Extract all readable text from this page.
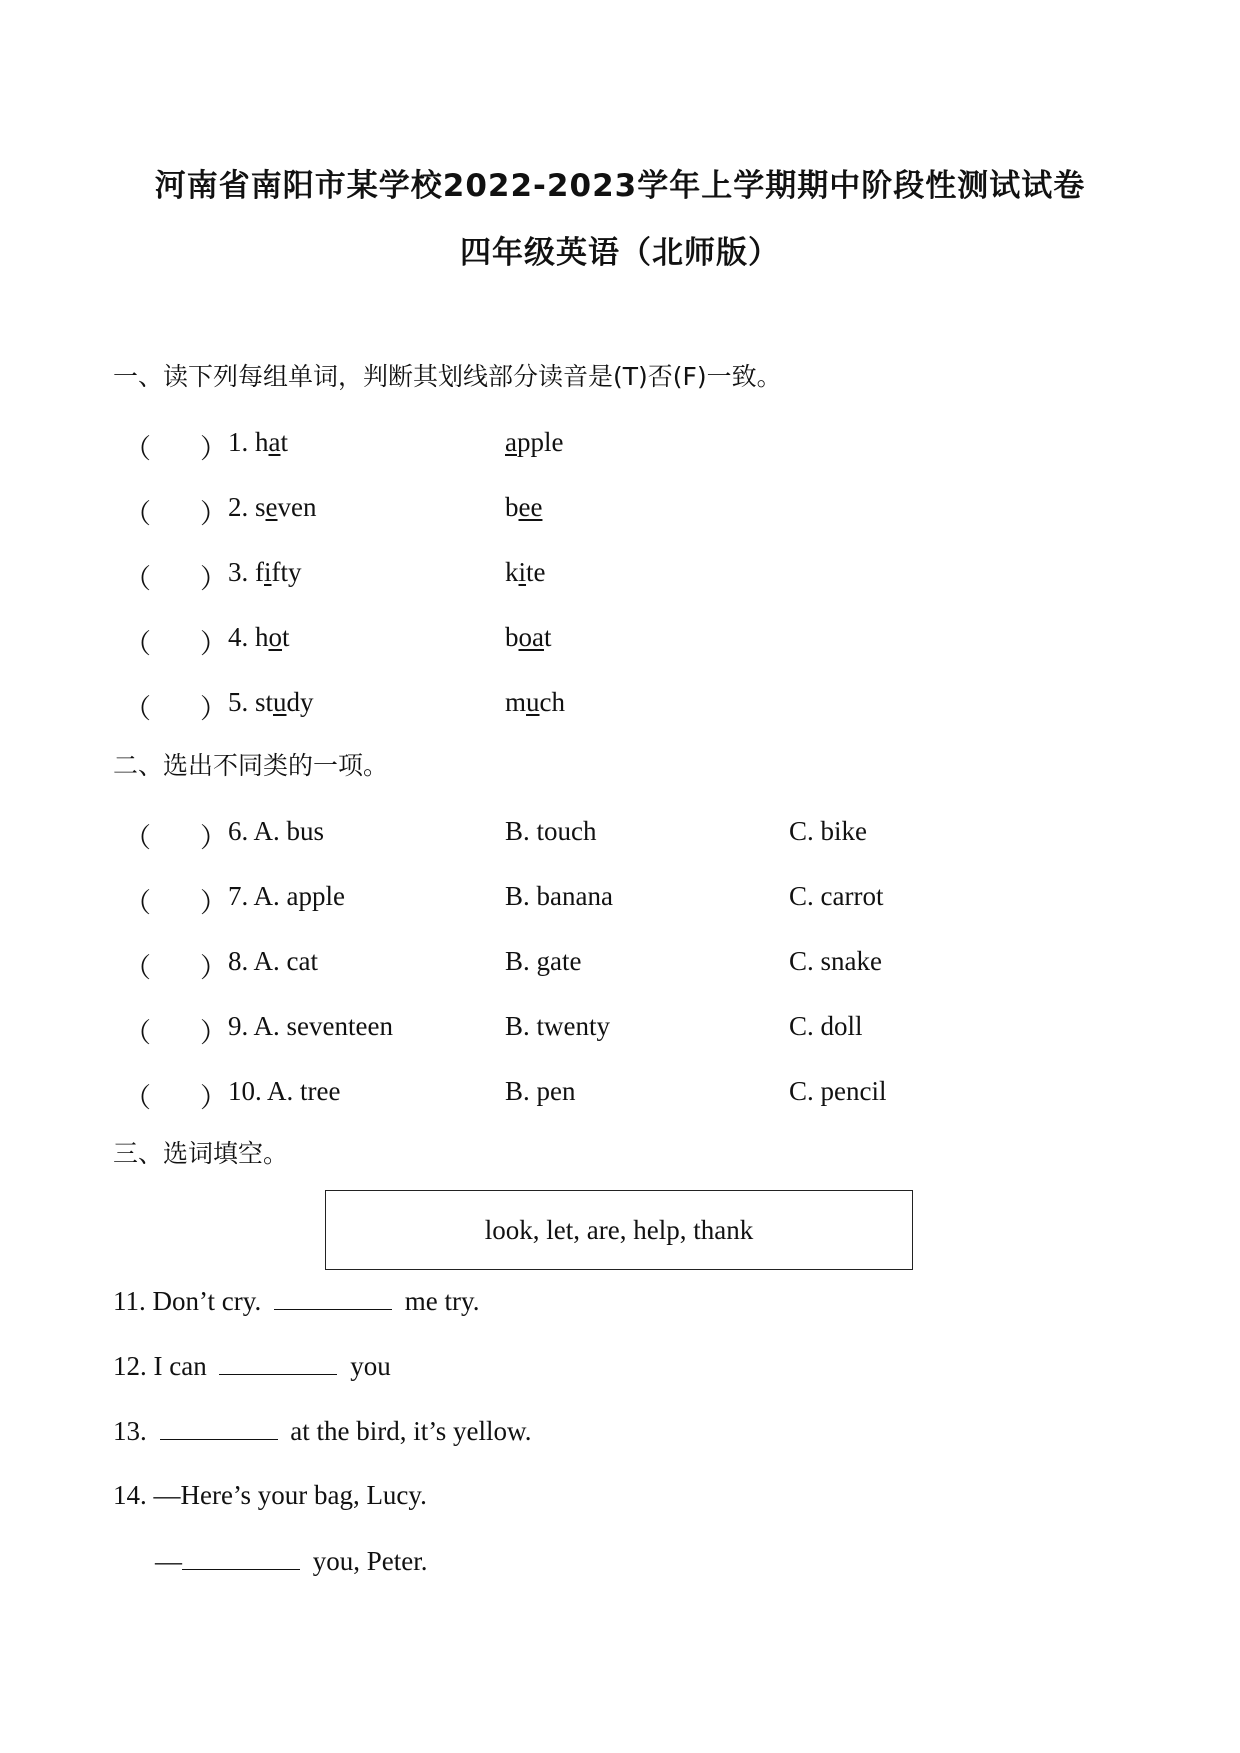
河南省南阳市某学校2022-2023学年上学期期中阶段性测试试卷
四年级英语（北师版）
一、读下列每组单词，判断其划线部分读音是(T)否(F)一致。
（ ） 1. hat	apple
（ ） 2. seven	bee
（ ） 3. fifty	kite
（ ） 4. hot	boat
（ ） 5. study	much
二、选出不同类的一项。
（ ） 6. A. bus	B. touch	C. bike
（ ） 7. A. apple	B. banana	C. carrot
（ ） 8. A. cat	B. gate	C. snake
（ ） 9. A. seventeen	B. twenty	C. doll
（ ） 10. A. tree	B. pen	C. pencil
三、选词填空。
look, let, are, help, thank
11. Don’t cry.	me try.
12. I can	you
13.	at the bird, it’s yellow.
14. —Here’s your bag, Lucy.
—	you, Peter.
